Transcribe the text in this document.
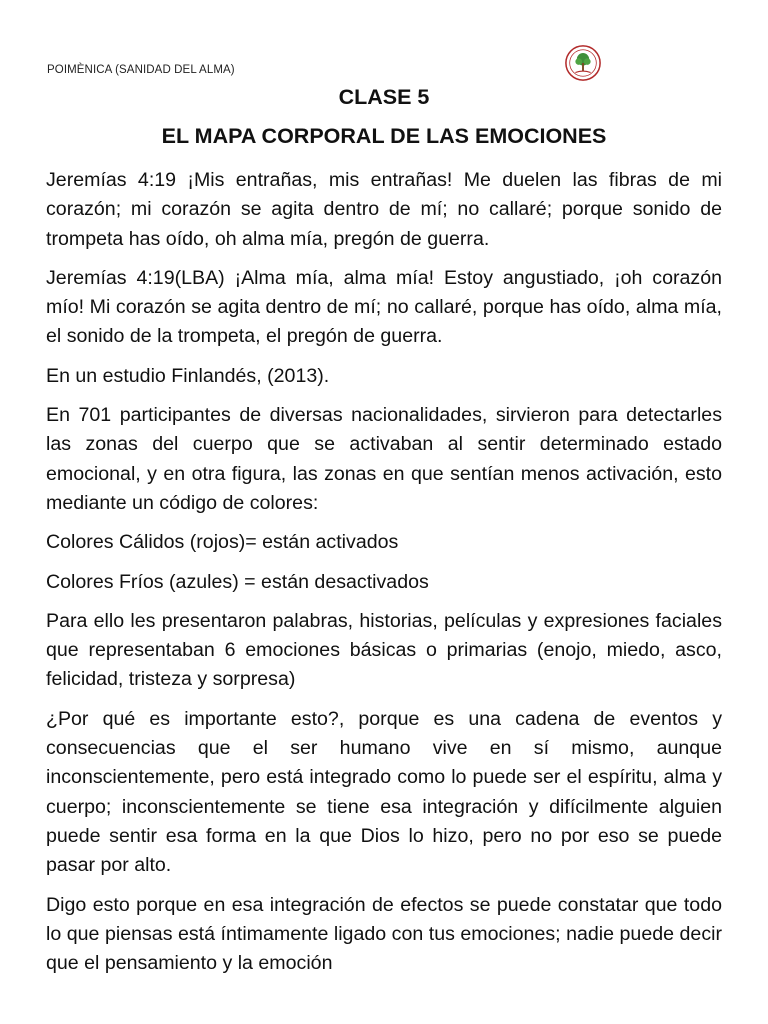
POIMÈNICA (SANIDAD DEL ALMA)
CLASE 5
EL MAPA CORPORAL DE LAS EMOCIONES

Jeremías 4:19 ¡Mis entrañas, mis entrañas! Me duelen las fibras de mi corazón; mi corazón se agita dentro de mí; no callaré; porque sonido de trompeta has oído, oh alma mía, pregón de guerra.

Jeremías 4:19(LBA) ¡Alma mía, alma mía! Estoy angustiado, ¡oh corazón mío! Mi corazón se agita dentro de mí; no callaré, porque has oído, alma mía, el sonido de la trompeta, el pregón de guerra.

En un estudio Finlandés, (2013).

En 701 participantes de diversas nacionalidades, sirvieron para detectarles las zonas del cuerpo que se activaban al sentir determinado estado emocional, y en otra figura, las zonas en que sentían menos activación, esto mediante un código de colores:

Colores Cálidos (rojos)= están activados

Colores Fríos (azules) = están desactivados

Para ello les presentaron palabras, historias, películas y expresiones faciales que representaban 6 emociones básicas o primarias (enojo, miedo, asco, felicidad, tristeza y sorpresa)

¿Por qué es importante esto?, porque es una cadena de eventos y consecuencias que el ser humano vive en sí mismo, aunque inconscientemente, pero está integrado como lo puede ser el espíritu, alma y cuerpo; inconscientemente se tiene esa integración y difícilmente alguien puede sentir esa forma en la que Dios lo hizo, pero no por eso se puede pasar por alto.

Digo esto porque en esa integración de efectos se puede constatar que todo lo que piensas está íntimamente ligado con tus emociones; nadie puede decir que el pensamiento y la emoción
